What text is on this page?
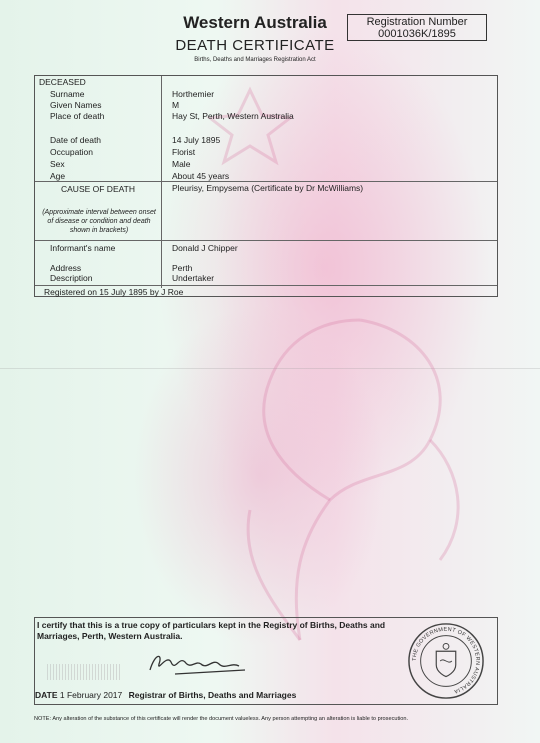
Western Australia
DEATH CERTIFICATE
Births, Deaths and Marriages Registration Act
Registration Number
0001036K/1895
DECEASED
Surname	Horthemier
Given Names	M
Place of death	Hay St, Perth, Western Australia
Date of death	14 July 1895
Occupation	Florist
Sex	Male
Age	About 45 years
CAUSE OF DEATH	Pleurisy, Empysema (Certificate by Dr McWilliams)
(Approximate interval between onset of disease or condition and death shown in brackets)
Informant's name	Donald J Chipper
Address	Perth
Description	Undertaker
Registered on 15 July 1895 by J Roe
I certify that this is a true copy of particulars kept in the Registry of Births, Deaths and Marriages, Perth, Western Australia.
DATE 1 February 2017 Registrar of Births, Deaths and Marriages
THE GOVERNMENT OF WESTERN AUSTRALIA
NOTE: Any alteration of the substance of this certificate will render the document valueless. Any person attempting an alteration is liable to prosecution.
